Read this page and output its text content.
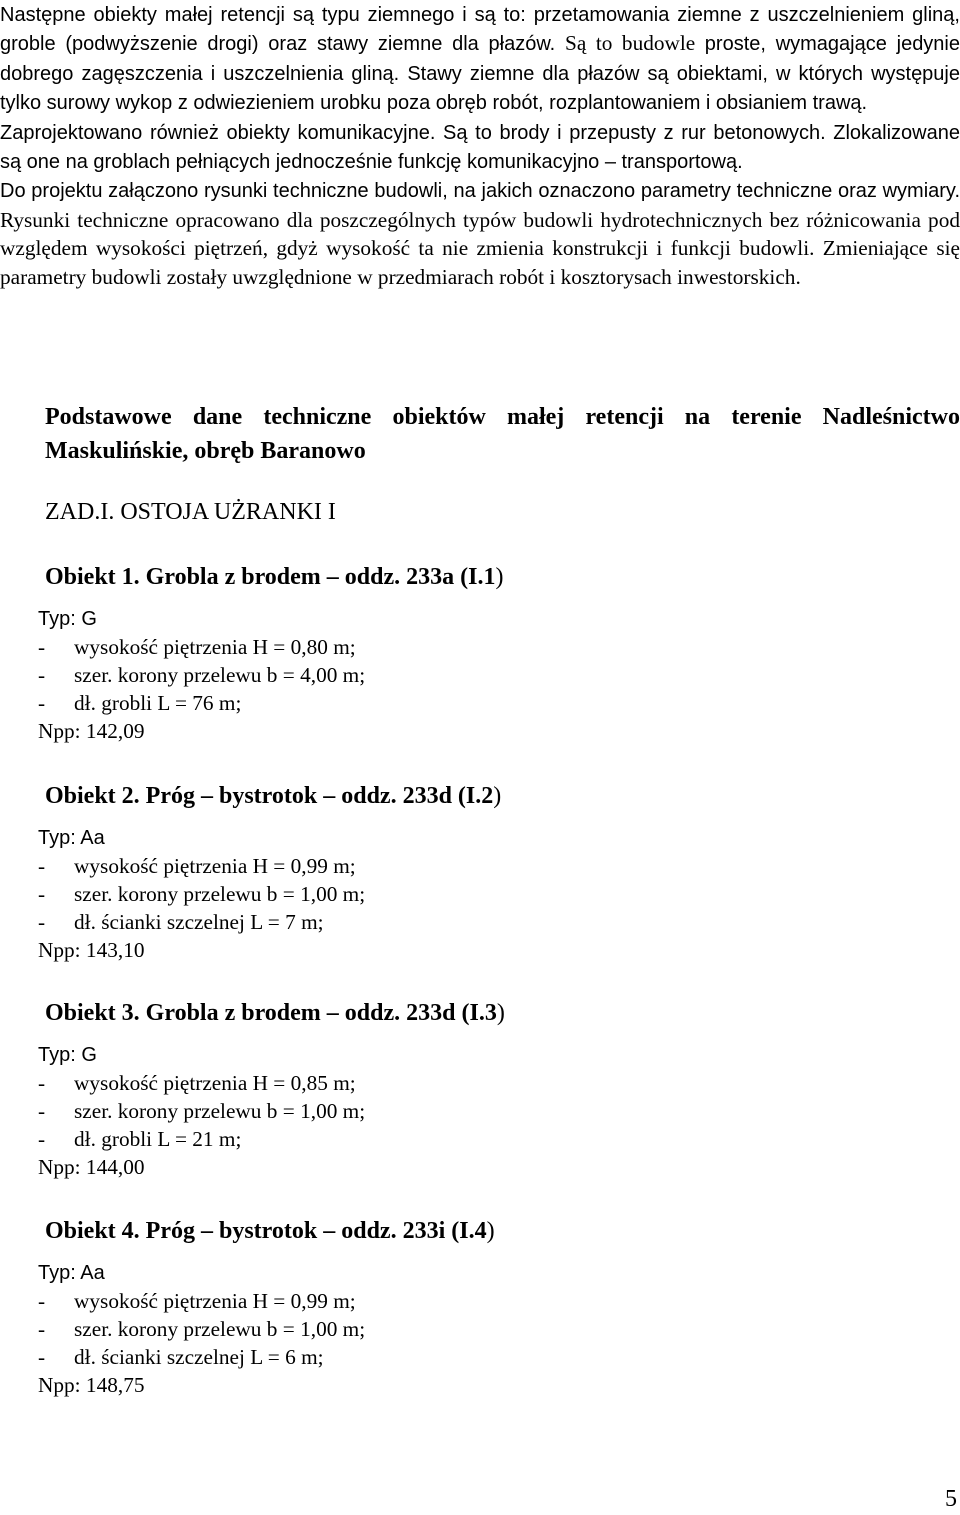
Następne obiekty małej retencji są typu ziemnego i są to: przetamowania ziemne z uszczelnieniem gliną, groble (podwyższenie drogi) oraz stawy ziemne dla płazów. Są to budowle proste, wymagające jedynie dobrego zagęszczenia i uszczelnienia gliną. Stawy ziemne dla płazów są obiektami, w których występuje tylko surowy wykop z odwiezieniem urobku poza obręb robót, rozplantowaniem i obsianiem trawą.

Zaprojektowano również obiekty komunikacyjne. Są to brody i przepusty z rur betonowych. Zlokalizowane są one na groblach pełniących jednocześnie funkcję komunikacyjno – transportową.

Do projektu załączono rysunki techniczne budowli, na jakich oznaczono parametry techniczne oraz wymiary. Rysunki techniczne opracowano dla poszczególnych typów budowli hydrotechnicznych bez różnicowania pod względem wysokości piętrzeń, gdyż wysokość ta nie zmienia konstrukcji i funkcji budowli. Zmieniające się parametry budowli zostały uwzględnione w przedmiarach robót i kosztorysach inwestorskich.

Podstawowe dane techniczne obiektów małej retencji na terenie Nadleśnictwo Maskulińskie, obręb Baranowo
ZAD.I. OSTOJA UŻRANKI I
Obiekt 1. Grobla z brodem – oddz. 233a (I.1)
Typ: G
- wysokość piętrzenia H = 0,80 m;
- szer. korony przelewu b = 4,00 m;
- dł. grobli L = 76 m;
Npp: 142,09
Obiekt 2. Próg – bystrotok – oddz. 233d (I.2)
Typ: Aa
- wysokość piętrzenia H = 0,99 m;
- szer. korony przelewu b = 1,00 m;
- dł. ścianki szczelnej L = 7 m;
Npp: 143,10
Obiekt 3. Grobla z brodem – oddz. 233d (I.3)
Typ: G
- wysokość piętrzenia H = 0,85 m;
- szer. korony przelewu b = 1,00 m;
- dł. grobli L = 21 m;
Npp: 144,00
Obiekt 4. Próg – bystrotok – oddz. 233i (I.4)
Typ: Aa
- wysokość piętrzenia H = 0,99 m;
- szer. korony przelewu b = 1,00 m;
- dł. ścianki szczelnej L = 6 m;
Npp: 148,75
5
